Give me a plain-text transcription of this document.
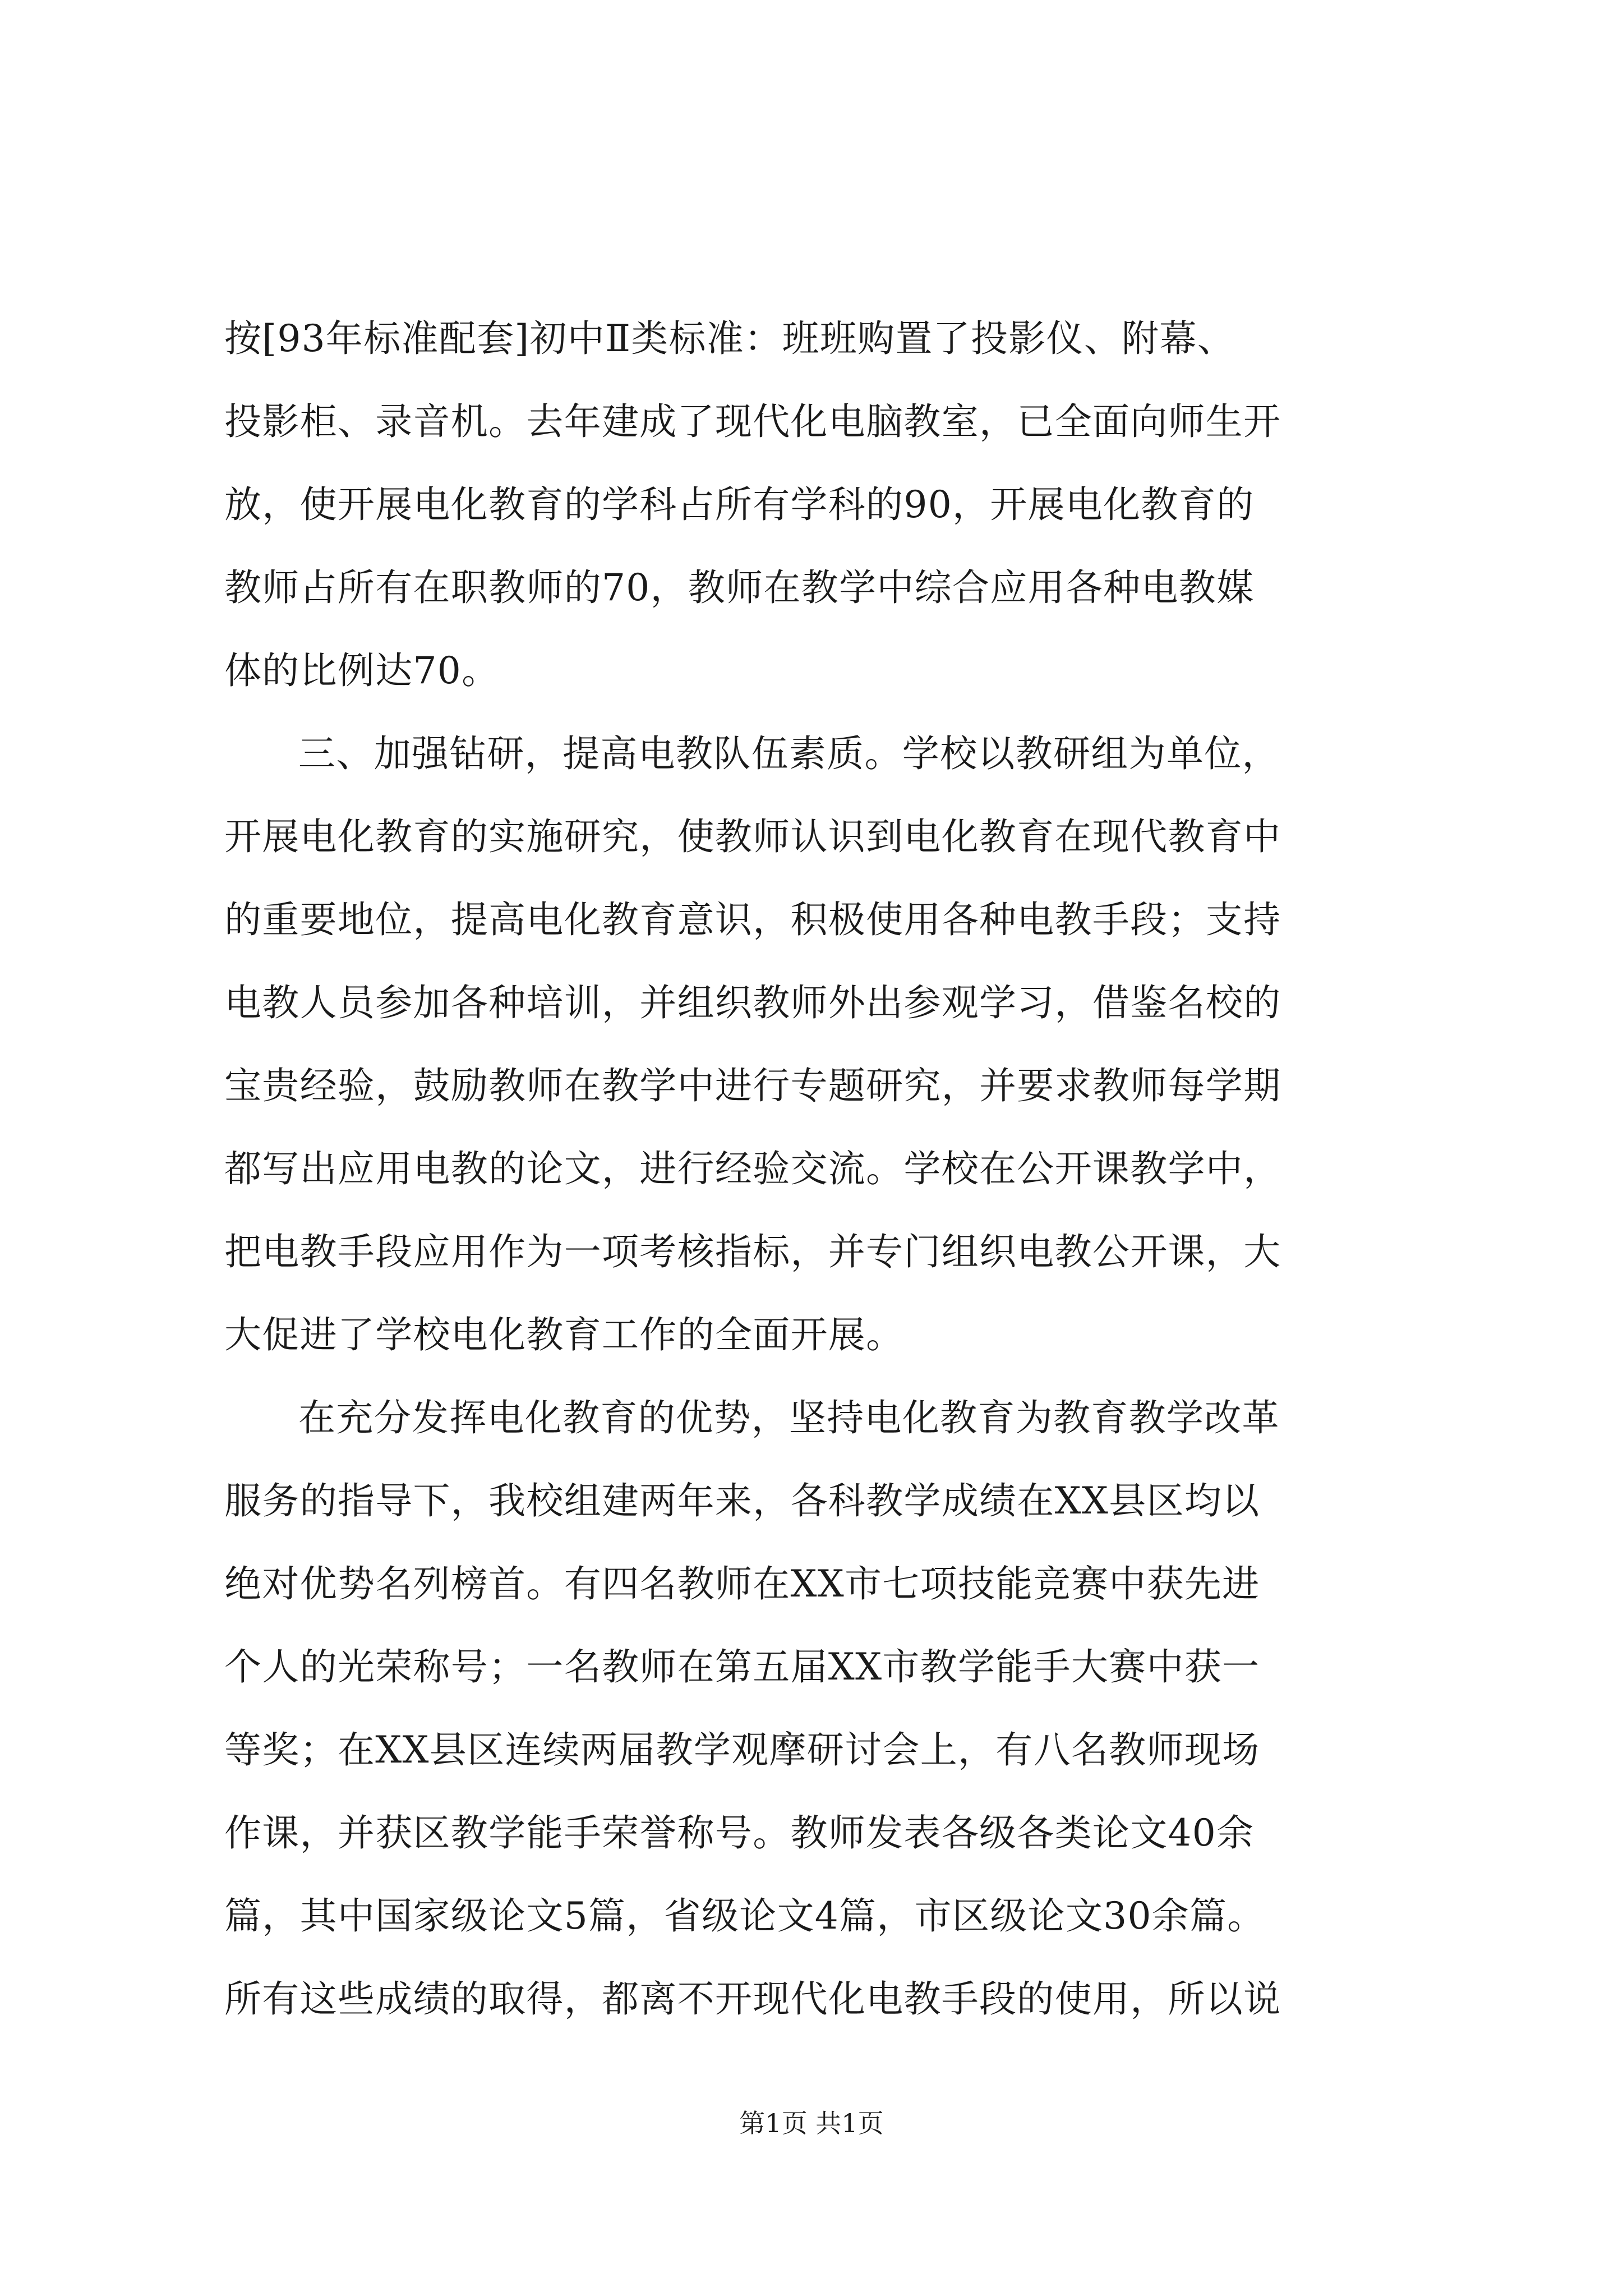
按[93年标准配套]初中Ⅱ类标准：班班购置了投影仪、附幕、
投影柜、录音机。去年建成了现代化电脑教室，已全面向师生开
放，使开展电化教育的学科占所有学科的90，开展电化教育的
教师占所有在职教师的70，教师在教学中综合应用各种电教媒
体的比例达70。
三、加强钻研，提高电教队伍素质。学校以教研组为单位，
开展电化教育的实施研究，使教师认识到电化教育在现代教育中
的重要地位，提高电化教育意识，积极使用各种电教手段；支持
电教人员参加各种培训，并组织教师外出参观学习，借鉴名校的
宝贵经验，鼓励教师在教学中进行专题研究，并要求教师每学期
都写出应用电教的论文，进行经验交流。学校在公开课教学中，
把电教手段应用作为一项考核指标，并专门组织电教公开课，大
大促进了学校电化教育工作的全面开展。
在充分发挥电化教育的优势，坚持电化教育为教育教学改革
服务的指导下，我校组建两年来，各科教学成绩在XX县区均以
绝对优势名列榜首。有四名教师在XX市七项技能竞赛中获先进
个人的光荣称号；一名教师在第五届XX市教学能手大赛中获一
等奖；在XX县区连续两届教学观摩研讨会上，有八名教师现场
作课，并获区教学能手荣誉称号。教师发表各级各类论文40余
篇，其中国家级论文5篇，省级论文4篇，市区级论文30余篇。
所有这些成绩的取得，都离不开现代化电教手段的使用，所以说
第1页 共1页
